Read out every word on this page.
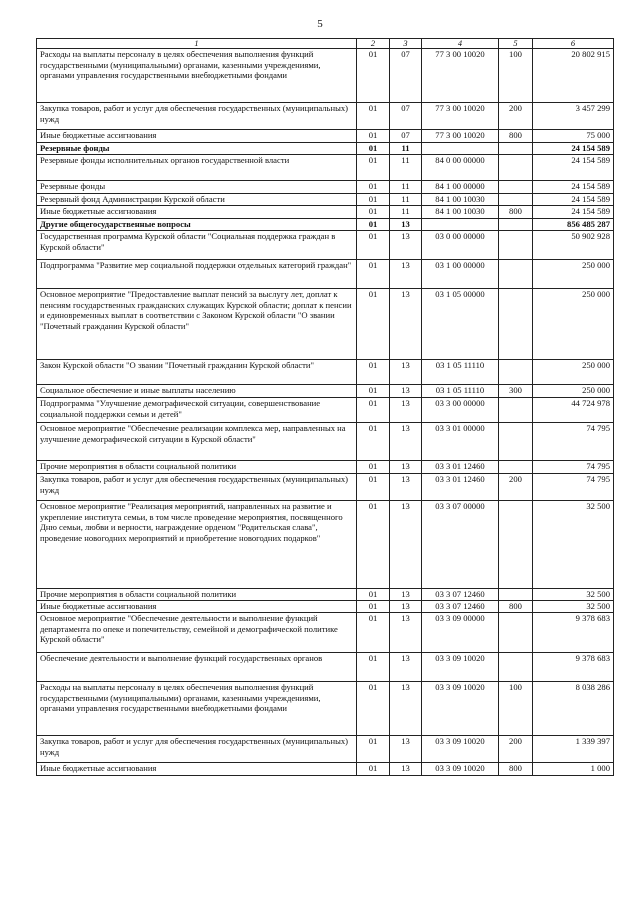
5
1	2	3	4	5	6
Расходы на выплаты персоналу в целях обеспечения выполнения функций государственными (муниципальными) органами, казенными учреждениями, органами управления государственными внебюджетными фондами	01	07	77 3 00 10020	100	20 802 915
Закупка товаров, работ и услуг для обеспечения государственных (муниципальных) нужд	01	07	77 3 00 10020	200	3 457 299
Иные бюджетные ассигнования	01	07	77 3 00 10020	800	75 000
Резервные фонды	01	11			24 154 589
Резервные фонды исполнительных органов государственной власти	01	11	84 0 00 00000		24 154 589
Резервные фонды	01	11	84 1 00 00000		24 154 589
Резервный фонд Администрации Курской области	01	11	84 1 00 10030		24 154 589
Иные бюджетные ассигнования	01	11	84 1 00 10030	800	24 154 589
Другие общегосударственные вопросы	01	13			856 485 287
Государственная программа Курской области "Социальная поддержка граждан в Курской области"	01	13	03 0 00 00000		50 902 928
Подпрограмма "Развитие мер социальной поддержки отдельных категорий граждан"	01	13	03 1 00 00000		250 000
Основное мероприятие "Предоставление выплат пенсий за выслугу лет, доплат к пенсиям государственных гражданских служащих Курской области; доплат к пенсии и единовременных выплат в соответствии с Законом Курской области "О звании "Почетный гражданин Курской области"	01	13	03 1 05 00000		250 000
Закон Курской области "О звании "Почетный гражданин Курской области"	01	13	03 1 05 11110		250 000
Социальное обеспечение и иные выплаты населению	01	13	03 1 05 11110	300	250 000
Подпрограмма "Улучшение демографической ситуации, совершенствование социальной поддержки семьи и детей"	01	13	03 3 00 00000		44 724 978
Основное мероприятие "Обеспечение реализации комплекса мер, направленных на улучшение демографической ситуации в Курской области"	01	13	03 3 01 00000		74 795
Прочие мероприятия в области социальной политики	01	13	03 3 01 12460		74 795
Закупка товаров, работ и услуг для обеспечения государственных (муниципальных) нужд	01	13	03 3 01 12460	200	74 795
Основное мероприятие "Реализация мероприятий, направленных на развитие и укрепление института семьи, в том числе проведение мероприятия, посвященного Дню семьи, любви и верности, награждение орденом "Родительская слава", проведение новогодних мероприятий и приобретение новогодних подарков"	01	13	03 3 07 00000		32 500
Прочие мероприятия в области социальной политики	01	13	03 3 07 12460		32 500
Иные бюджетные ассигнования	01	13	03 3 07 12460	800	32 500
Основное мероприятие "Обеспечение деятельности и выполнение функций департамента по опеке и попечительству, семейной и демографической политике Курской области"	01	13	03 3 09 00000		9 378 683
Обеспечение деятельности и выполнение функций государственных органов	01	13	03 3 09 10020		9 378 683
Расходы на выплаты персоналу в целях обеспечения выполнения функций государственными (муниципальными) органами, казенными учреждениями, органами управления государственными внебюджетными фондами	01	13	03 3 09 10020	100	8 038 286
Закупка товаров, работ и услуг для обеспечения государственных (муниципальных) нужд	01	13	03 3 09 10020	200	1 339 397
Иные бюджетные ассигнования	01	13	03 3 09 10020	800	1 000
